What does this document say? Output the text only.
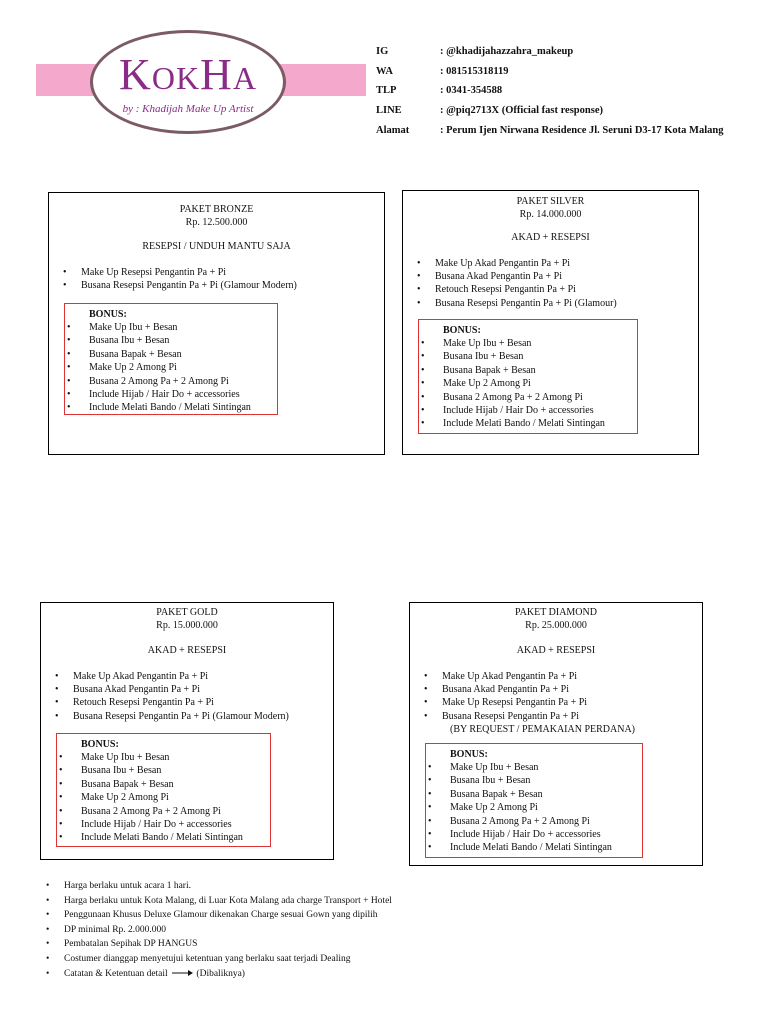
KOKHA
by : Khadijah Make Up Artist
IG	: @khadijahazzahra_makeup
WA	: 081515318119
TLP	: 0341-354588
LINE	: @piq2713X (Official fast response)
Alamat	: Perum Ijen Nirwana Residence Jl. Seruni D3-17 Kota Malang
PAKET BRONZE
Rp. 12.500.000
RESEPSI / UNDUH MANTU SAJA
• Make Up Resepsi Pengantin Pa + Pi
• Busana Resepsi Pengantin Pa + Pi (Glamour Modern)
BONUS:
• Make Up Ibu + Besan
• Busana Ibu + Besan
• Busana Bapak + Besan
• Make Up 2 Among Pi
• Busana 2 Among Pa + 2 Among Pi
• Include Hijab / Hair Do + accessories
• Include Melati Bando / Melati Sintingan
PAKET SILVER
Rp. 14.000.000
AKAD + RESEPSI
• Make Up Akad Pengantin Pa + Pi
• Busana Akad Pengantin Pa + Pi
• Retouch Resepsi Pengantin Pa + Pi
• Busana Resepsi Pengantin Pa + Pi (Glamour)
BONUS:
• Make Up Ibu + Besan
• Busana Ibu + Besan
• Busana Bapak + Besan
• Make Up 2 Among Pi
• Busana 2 Among Pa + 2 Among Pi
• Include Hijab / Hair Do + accessories
• Include Melati Bando / Melati Sintingan
PAKET GOLD
Rp. 15.000.000
AKAD + RESEPSI
• Make Up Akad Pengantin Pa + Pi
• Busana Akad Pengantin Pa + Pi
• Retouch Resepsi Pengantin Pa + Pi
• Busana Resepsi Pengantin Pa + Pi (Glamour Modern)
BONUS:
• Make Up Ibu + Besan
• Busana Ibu + Besan
• Busana Bapak + Besan
• Make Up 2 Among Pi
• Busana 2 Among Pa + 2 Among Pi
• Include Hijab / Hair Do + accessories
• Include Melati Bando / Melati Sintingan
PAKET DIAMOND
Rp. 25.000.000
AKAD + RESEPSI
• Make Up Akad Pengantin Pa + Pi
• Busana Akad Pengantin Pa + Pi
• Make Up Resepsi Pengantin Pa + Pi
• Busana Resepsi Pengantin Pa + Pi
(BY REQUEST / PEMAKAIAN PERDANA)
BONUS:
• Make Up Ibu + Besan
• Busana Ibu + Besan
• Busana Bapak + Besan
• Make Up 2 Among Pi
• Busana 2 Among Pa + 2 Among Pi
• Include Hijab / Hair Do + accessories
• Include Melati Bando / Melati Sintingan
• Harga berlaku untuk acara 1 hari.
• Harga berlaku untuk Kota Malang, di Luar Kota Malang ada charge Transport + Hotel
• Penggunaan Khusus Deluxe Glamour dikenakan Charge sesuai Gown yang dipilih
• DP minimal Rp. 2.000.000
• Pembatalan Sepihak DP HANGUS
• Costumer dianggap menyetujui ketentuan yang berlaku saat terjadi Dealing
• Catatan & Ketentuan detail	(Dibaliknya)
